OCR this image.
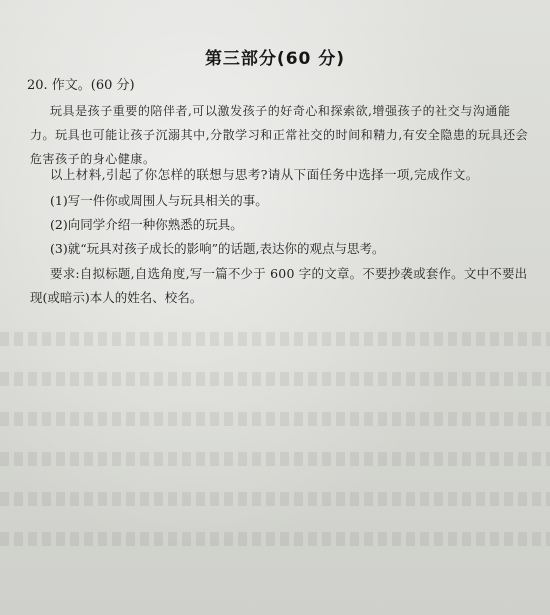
第三部分(60 分)
20. 作文。(60 分)
玩具是孩子重要的陪伴者,可以激发孩子的好奇心和探索欲,增强孩子的社交与沟通能
力。玩具也可能让孩子沉溺其中,分散学习和正常社交的时间和精力,有安全隐患的玩具还会
危害孩子的身心健康。
以上材料,引起了你怎样的联想与思考?请从下面任务中选择一项,完成作文。
(1)写一件你或周围人与玩具相关的事。
(2)向同学介绍一种你熟悉的玩具。
(3)就“玩具对孩子成长的影响”的话题,表达你的观点与思考。
要求:自拟标题,自选角度,写一篇不少于 600 字的文章。不要抄袭或套作。文中不要出
现(或暗示)本人的姓名、校名。
